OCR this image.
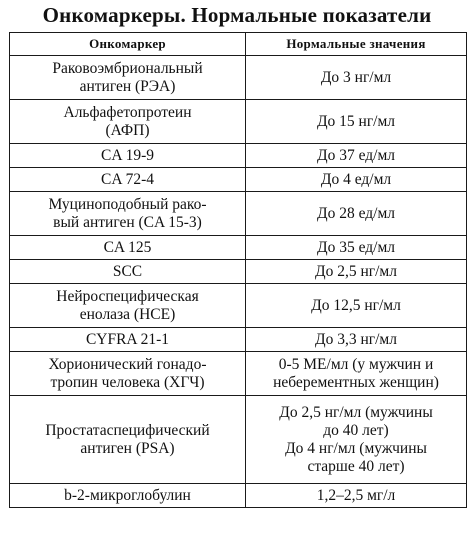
Онкомаркеры. Нормальные показатели
Онкомаркер	Нормальные значения
Раковоэмбриональный
антиген (РЭА)	До 3 нг/мл
Альфафетопротеин
(АФП)	До 15 нг/мл
CA 19-9	До 37 ед/мл
CA 72-4	До 4 ед/мл
Муциноподобный рако-
вый антиген (CA 15-3)	До 28 ед/мл
CA 125	До 35 ед/мл
SCC	До 2,5 нг/мл
Нейроспецифическая
енолаза (НСЕ)	До 12,5 нг/мл
CYFRA 21-1	До 3,3 нг/мл
Хорионический гонадо-
тропин человека (ХГЧ)	0-5 МЕ/мл (у мужчин и
неберементных женщин)
Простатаспецифический
антиген (PSA)	До 2,5 нг/мл (мужчины
до 40 лет)
До 4 нг/мл (мужчины
старше 40 лет)
b-2-микроглобулин	1,2–2,5 мг/л
